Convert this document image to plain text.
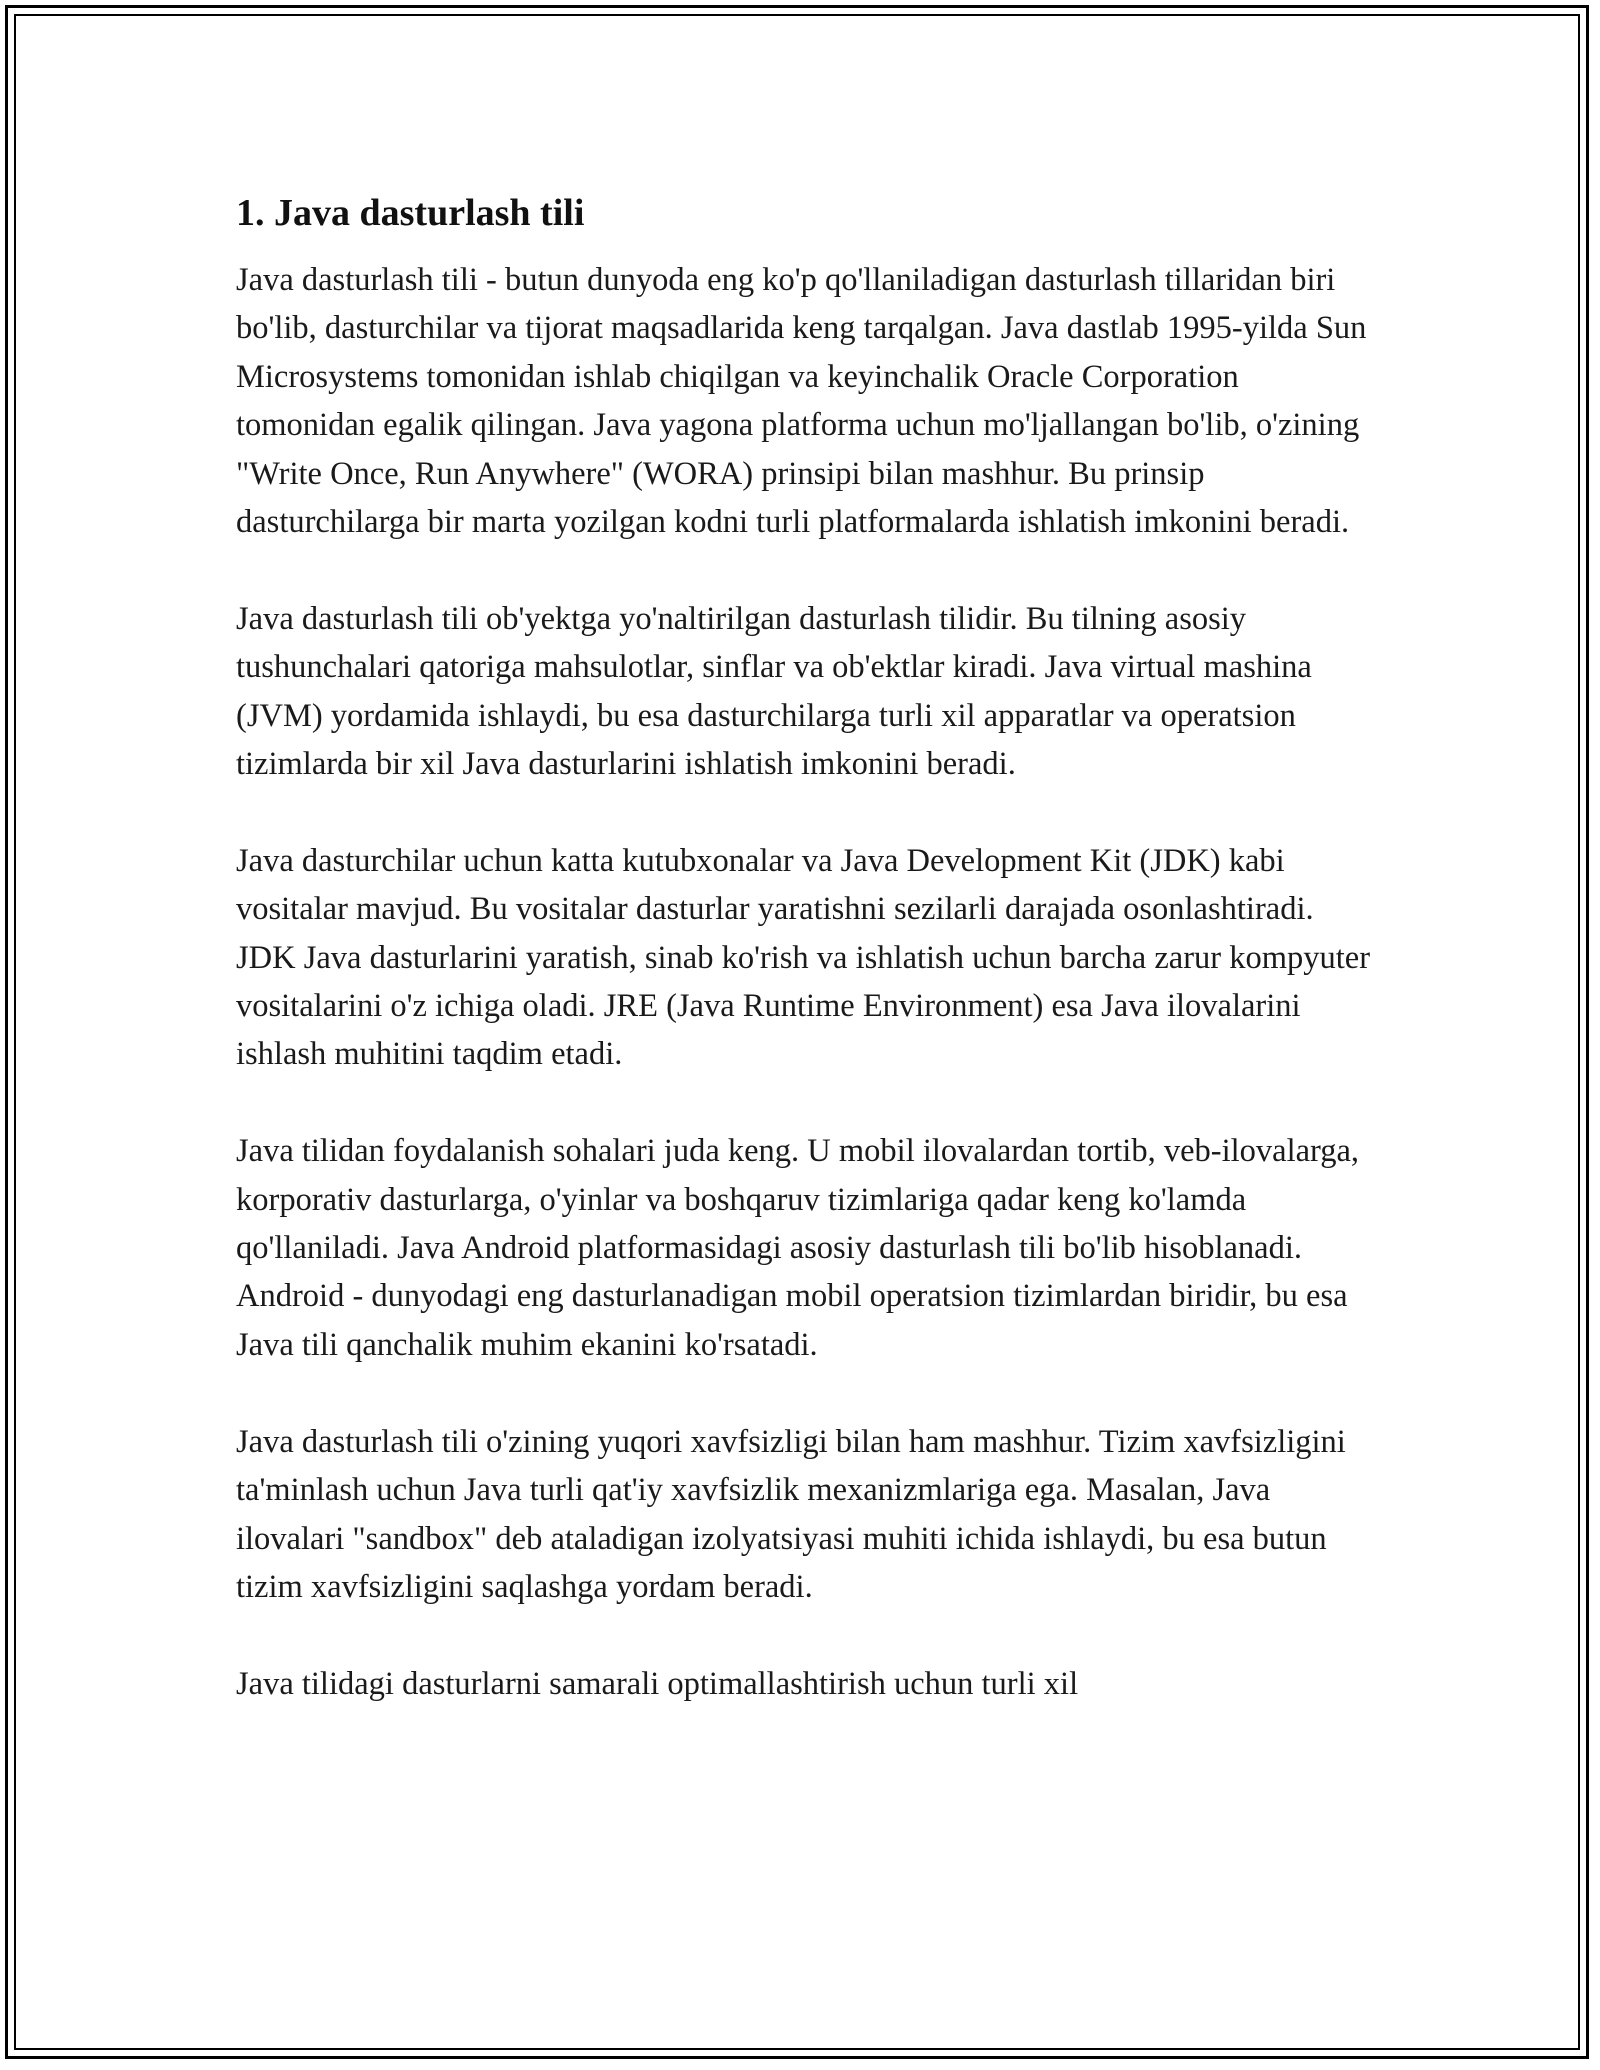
1. Java dasturlash tili

Java dasturlash tili - butun dunyoda eng ko'p qo'llaniladigan dasturlash tillaridan biri bo'lib, dasturchilar va tijorat maqsadlarida keng tarqalgan. Java dastlab 1995-yilda Sun Microsystems tomonidan ishlab chiqilgan va keyinchalik Oracle Corporation tomonidan egalik qilingan. Java yagona platforma uchun mo'ljallangan bo'lib, o'zining "Write Once, Run Anywhere" (WORA) prinsipi bilan mashhur. Bu prinsip dasturchilarga bir marta yozilgan kodni turli platformalarda ishlatish imkonini beradi.

Java dasturlash tili ob'yektga yo'naltirilgan dasturlash tilidir. Bu tilning asosiy tushunchalari qatoriga mahsulotlar, sinflar va ob'ektlar kiradi. Java virtual mashina (JVM) yordamida ishlaydi, bu esa dasturchilarga turli xil apparatlar va operatsion tizimlarda bir xil Java dasturlarini ishlatish imkonini beradi.

Java dasturchilar uchun katta kutubxonalar va Java Development Kit (JDK) kabi vositalar mavjud. Bu vositalar dasturlar yaratishni sezilarli darajada osonlashtiradi. JDK Java dasturlarini yaratish, sinab ko'rish va ishlatish uchun barcha zarur kompyuter vositalarini o'z ichiga oladi. JRE (Java Runtime Environment) esa Java ilovalarini ishlash muhitini taqdim etadi.

Java tilidan foydalanish sohalari juda keng. U mobil ilovalardan tortib, veb-ilovalarga, korporativ dasturlarga, o'yinlar va boshqaruv tizimlariga qadar keng ko'lamda qo'llaniladi. Java Android platformasidagi asosiy dasturlash tili bo'lib hisoblanadi. Android - dunyodagi eng dasturlanadigan mobil operatsion tizimlardan biridir, bu esa Java tili qanchalik muhim ekanini ko'rsatadi.

Java dasturlash tili o'zining yuqori xavfsizligi bilan ham mashhur. Tizim xavfsizligini ta'minlash uchun Java turli qat'iy xavfsizlik mexanizmlariga ega. Masalan, Java ilovalari "sandbox" deb ataladigan izolyatsiyasi muhiti ichida ishlaydi, bu esa butun tizim xavfsizligini saqlashga yordam beradi.

Java tilidagi dasturlarni samarali optimallashtirish uchun turli xil
